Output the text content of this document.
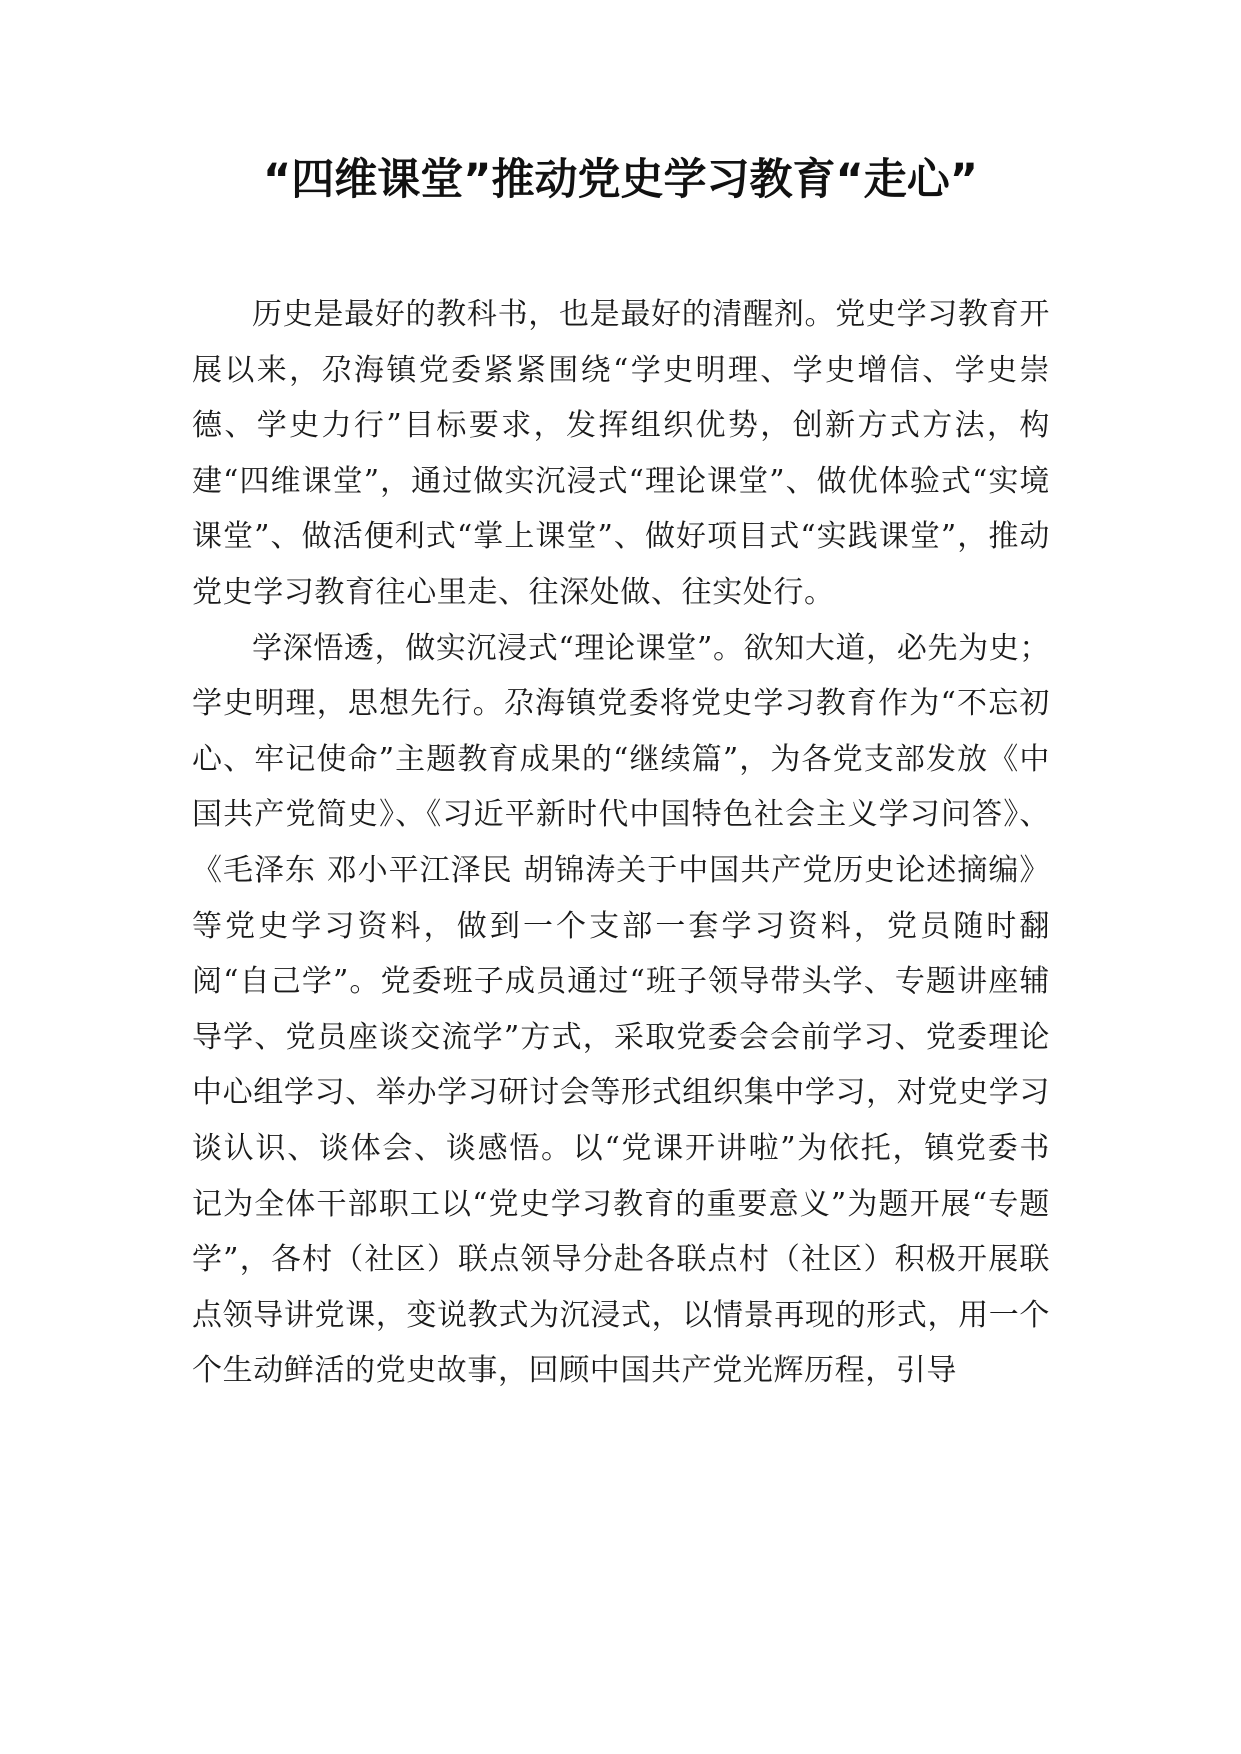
“四维课堂”推动党史学习教育“走心”

历史是最好的教科书，也是最好的清醒剂。党史学习教育开展以来，尕海镇党委紧紧围绕“学史明理、学史增信、学史崇德、学史力行”目标要求，发挥组织优势，创新方式方法，构建“四维课堂”，通过做实沉浸式“理论课堂”、做优体验式“实境课堂”、做活便利式“掌上课堂”、做好项目式“实践课堂”，推动党史学习教育往心里走、往深处做、往实处行。

学深悟透，做实沉浸式“理论课堂”。欲知大道，必先为史；学史明理，思想先行。尕海镇党委将党史学习教育作为“不忘初心、牢记使命”主题教育成果的“继续篇”，为各党支部发放《中国共产党简史》、《习近平新时代中国特色社会主义学习问答》、《毛泽东 邓小平江泽民 胡锦涛关于中国共产党历史论述摘编》等党史学习资料，做到一个支部一套学习资料，党员随时翻阅“自己学”。党委班子成员通过“班子领导带头学、专题讲座辅导学、党员座谈交流学”方式，采取党委会会前学习、党委理论中心组学习、举办学习研讨会等形式组织集中学习，对党史学习谈认识、谈体会、谈感悟。以“党课开讲啦”为依托，镇党委书记为全体干部职工以“党史学习教育的重要意义”为题开展“专题学”，各村（社区）联点领导分赴各联点村（社区）积极开展联点领导讲党课，变说教式为沉浸式，以情景再现的形式，用一个个生动鲜活的党史故事，回顾中国共产党光辉历程，引导
